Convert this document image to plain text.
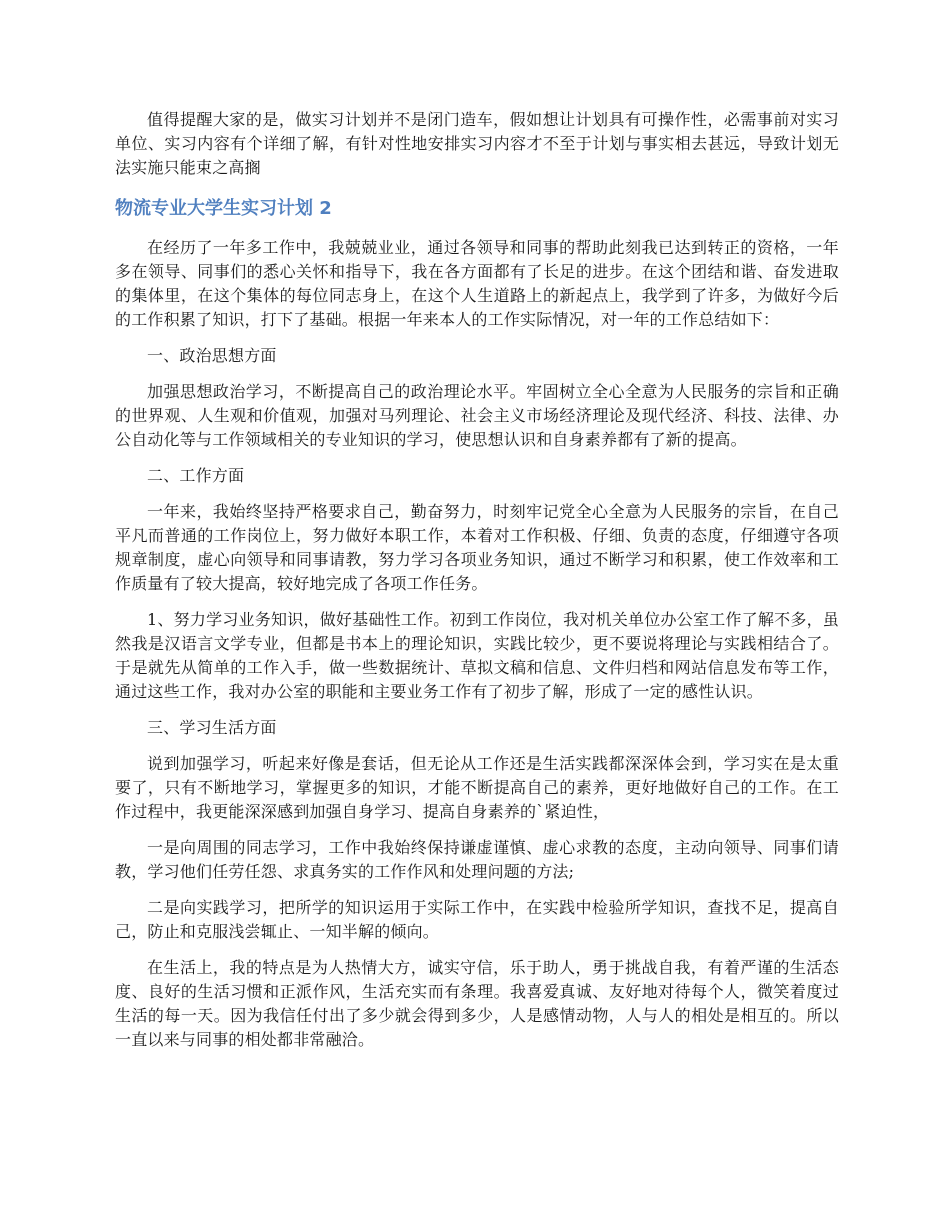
值得提醒大家的是，做实习计划并不是闭门造车，假如想让计划具有可操作性，必需事前对实习单位、实习内容有个详细了解，有针对性地安排实习内容才不至于计划与事实相去甚远，导致计划无法实施只能束之高搁

物流专业大学生实习计划 2

在经历了一年多工作中，我兢兢业业，通过各领导和同事的帮助此刻我已达到转正的资格，一年多在领导、同事们的悉心关怀和指导下，我在各方面都有了长足的进步。在这个团结和谐、奋发进取的集体里，在这个集体的每位同志身上，在这个人生道路上的新起点上，我学到了许多，为做好今后的工作积累了知识，打下了基础。根据一年来本人的工作实际情况，对一年的工作总结如下：

一、政治思想方面

加强思想政治学习，不断提高自己的政治理论水平。牢固树立全心全意为人民服务的宗旨和正确的世界观、人生观和价值观，加强对马列理论、社会主义市场经济理论及现代经济、科技、法律、办公自动化等与工作领域相关的专业知识的学习，使思想认识和自身素养都有了新的提高。

二、工作方面

一年来，我始终坚持严格要求自己，勤奋努力，时刻牢记党全心全意为人民服务的宗旨，在自己平凡而普通的工作岗位上，努力做好本职工作，本着对工作积极、仔细、负责的态度，仔细遵守各项规章制度，虚心向领导和同事请教，努力学习各项业务知识，通过不断学习和积累，使工作效率和工作质量有了较大提高，较好地完成了各项工作任务。

1、努力学习业务知识，做好基础性工作。初到工作岗位，我对机关单位办公室工作了解不多，虽然我是汉语言文学专业，但都是书本上的理论知识，实践比较少，更不要说将理论与实践相结合了。于是就先从简单的工作入手，做一些数据统计、草拟文稿和信息、文件归档和网站信息发布等工作，通过这些工作，我对办公室的职能和主要业务工作有了初步了解，形成了一定的感性认识。

三、学习生活方面

说到加强学习，听起来好像是套话，但无论从工作还是生活实践都深深体会到，学习实在是太重要了，只有不断地学习，掌握更多的知识，才能不断提高自己的素养，更好地做好自己的工作。在工作过程中，我更能深深感到加强自身学习、提高自身素养的`紧迫性，

一是向周围的同志学习，工作中我始终保持谦虚谨慎、虚心求教的态度，主动向领导、同事们请教，学习他们任劳任怨、求真务实的工作作风和处理问题的方法;

二是向实践学习，把所学的知识运用于实际工作中，在实践中检验所学知识，查找不足，提高自己，防止和克服浅尝辄止、一知半解的倾向。

在生活上，我的特点是为人热情大方，诚实守信，乐于助人，勇于挑战自我，有着严谨的生活态度、良好的生活习惯和正派作风，生活充实而有条理。我喜爱真诚、友好地对待每个人，微笑着度过生活的每一天。因为我信任付出了多少就会得到多少，人是感情动物，人与人的相处是相互的。所以一直以来与同事的相处都非常融洽。
